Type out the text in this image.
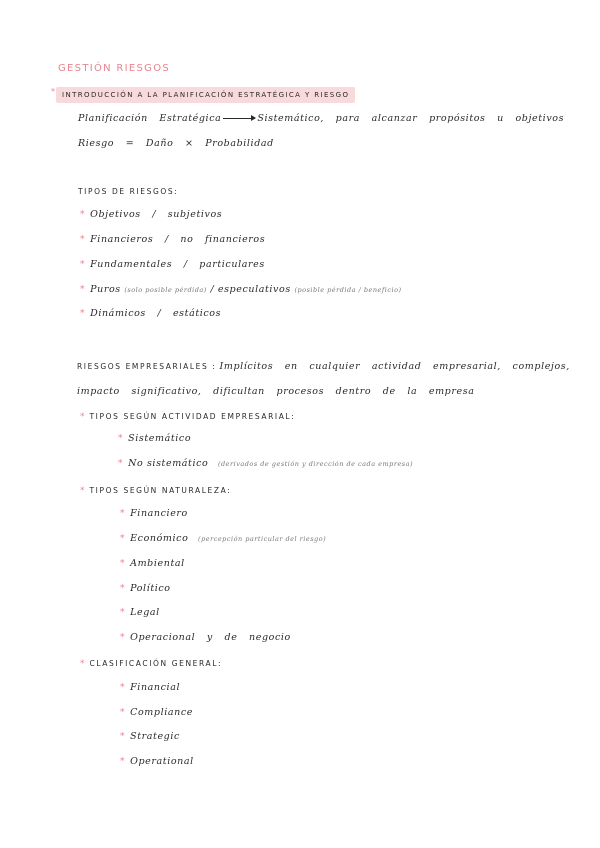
GESTIÓN RIESGOS
*	INTRODUCCIÓN A LA PLANIFICACIÓN ESTRATÉGICA Y RIESGO
Planificación Estratégica	Sistemático, para alcanzar propósitos u objetivos
Riesgo = Daño × Probabilidad
TIPOS DE RIESGOS:
* Objetivos / subjetivos
* Financieros / no financieros
* Fundamentales / particulares
* Puros (solo posible pérdida) / especulativos (posible pérdida / beneficio)
* Dinámicos / estáticos
RIESGOS EMPRESARIALES : Implícitos en cualquier actividad empresarial, complejos,
impacto significativo, dificultan procesos dentro de la empresa
* TIPOS SEGÚN ACTIVIDAD EMPRESARIAL:
* Sistemático
* No sistemático (derivados de gestión y dirección de cada empresa)
* TIPOS SEGÚN NATURALEZA:
* Financiero
* Económico (percepción particular del riesgo)
* Ambiental
* Político
* Legal
* Operacional y de negocio
* CLASIFICACIÓN GENERAL:
* Financial
* Compliance
* Strategic
* Operational
